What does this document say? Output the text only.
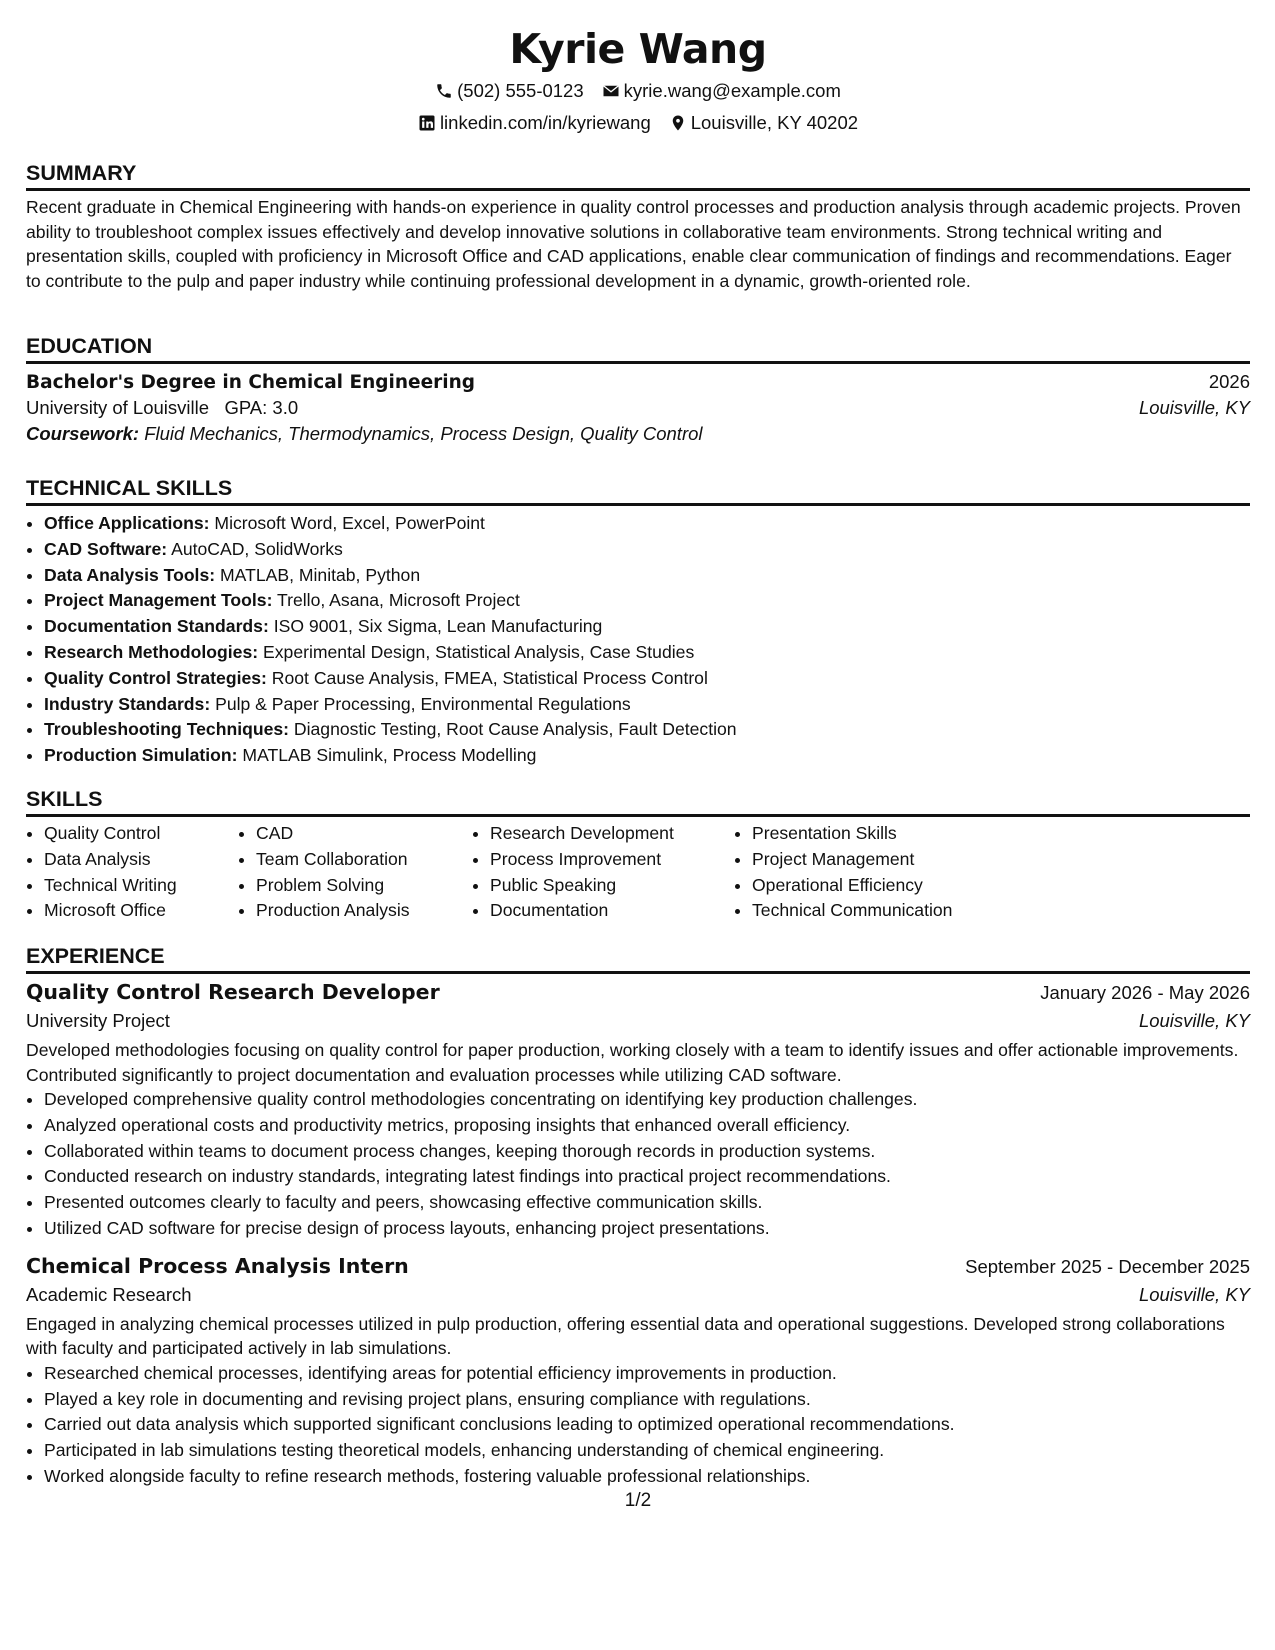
Kyrie Wang
(502) 555-0123 kyrie.wang@example.com
linkedin.com/in/kyriewang Louisville, KY 40202
SUMMARY

Recent graduate in Chemical Engineering with hands-on experience in quality control processes and production analysis through academic projects. Proven ability to troubleshoot complex issues effectively and develop innovative solutions in collaborative team environments. Strong technical writing and presentation skills, coupled with proficiency in Microsoft Office and CAD applications, enable clear communication of findings and recommendations. Eager to contribute to the pulp and paper industry while continuing professional development in a dynamic, growth-oriented role.

EDUCATION
Bachelor's Degree in Chemical Engineering	2026
University of Louisville GPA: 3.0	Louisville, KY
Coursework: Fluid Mechanics, Thermodynamics, Process Design, Quality Control
TECHNICAL SKILLS
• Office Applications: Microsoft Word, Excel, PowerPoint
• CAD Software: AutoCAD, SolidWorks
• Data Analysis Tools: MATLAB, Minitab, Python
• Project Management Tools: Trello, Asana, Microsoft Project
• Documentation Standards: ISO 9001, Six Sigma, Lean Manufacturing
• Research Methodologies: Experimental Design, Statistical Analysis, Case Studies
• Quality Control Strategies: Root Cause Analysis, FMEA, Statistical Process Control
• Industry Standards: Pulp & Paper Processing, Environmental Regulations
• Troubleshooting Techniques: Diagnostic Testing, Root Cause Analysis, Fault Detection
• Production Simulation: MATLAB Simulink, Process Modelling
SKILLS
• Quality Control
• Data Analysis
• Technical Writing
• Microsoft Office
• CAD
• Team Collaboration
• Problem Solving
• Production Analysis
• Research Development
• Process Improvement
• Public Speaking
• Documentation
• Presentation Skills
• Project Management
• Operational Efficiency
• Technical Communication
EXPERIENCE
Quality Control Research Developer	January 2026 - May 2026
University Project	Louisville, KY

Developed methodologies focusing on quality control for paper production, working closely with a team to identify issues and offer actionable improvements. Contributed significantly to project documentation and evaluation processes while utilizing CAD software.

• Developed comprehensive quality control methodologies concentrating on identifying key production challenges.
• Analyzed operational costs and productivity metrics, proposing insights that enhanced overall efficiency.
• Collaborated within teams to document process changes, keeping thorough records in production systems.
• Conducted research on industry standards, integrating latest findings into practical project recommendations.
• Presented outcomes clearly to faculty and peers, showcasing effective communication skills.
• Utilized CAD software for precise design of process layouts, enhancing project presentations.
Chemical Process Analysis Intern	September 2025 - December 2025
Academic Research	Louisville, KY

Engaged in analyzing chemical processes utilized in pulp production, offering essential data and operational suggestions. Developed strong collaborations with faculty and participated actively in lab simulations.

• Researched chemical processes, identifying areas for potential efficiency improvements in production.
• Played a key role in documenting and revising project plans, ensuring compliance with regulations.
• Carried out data analysis which supported significant conclusions leading to optimized operational recommendations.
• Participated in lab simulations testing theoretical models, enhancing understanding of chemical engineering.
• Worked alongside faculty to refine research methods, fostering valuable professional relationships.
1/2
